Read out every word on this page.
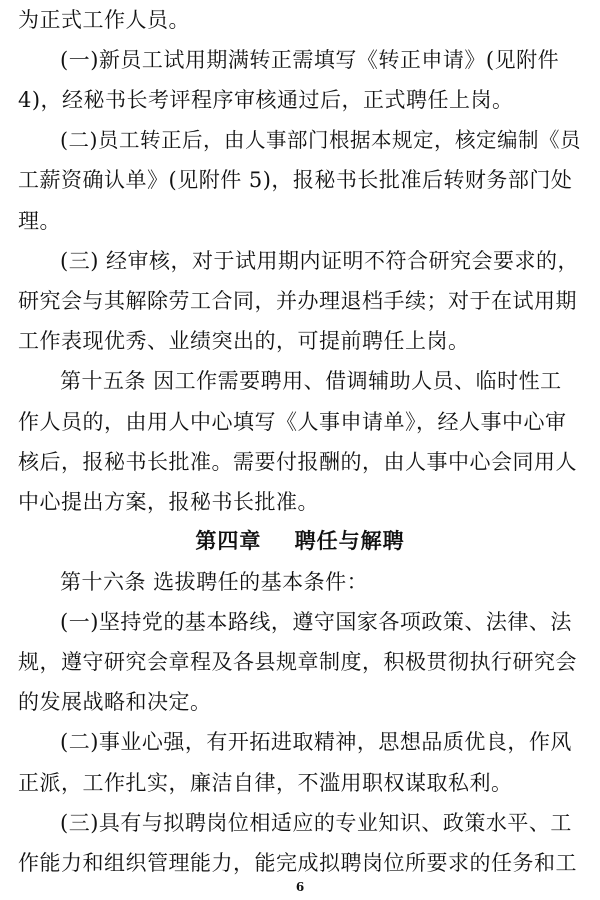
为正式工作人员。
(一)新员工试用期满转正需填写《转正申请》(见附件
4)，经秘书长考评程序审核通过后，正式聘任上岗。
(二)员工转正后，由人事部门根据本规定，核定编制《员
工薪资确认单》(见附件 5)，报秘书长批准后转财务部门处
理。
(三) 经审核，对于试用期内证明不符合研究会要求的，
研究会与其解除劳工合同，并办理退档手续；对于在试用期
工作表现优秀、业绩突出的，可提前聘任上岗。
第十五条 因工作需要聘用、借调辅助人员、临时性工
作人员的，由用人中心填写《人事申请单》，经人事中心审
核后，报秘书长批准。需要付报酬的，由人事中心会同用人
中心提出方案，报秘书长批准。
第四章    聘任与解聘
第十六条 选拔聘任的基本条件：
(一)坚持党的基本路线，遵守国家各项政策、法律、法
规，遵守研究会章程及各县规章制度，积极贯彻执行研究会
的发展战略和决定。
(二)事业心强，有开拓进取精神，思想品质优良，作风
正派，工作扎实，廉洁自律，不滥用职权谋取私利。
(三)具有与拟聘岗位相适应的专业知识、政策水平、工
作能力和组织管理能力，能完成拟聘岗位所要求的任务和工
6
